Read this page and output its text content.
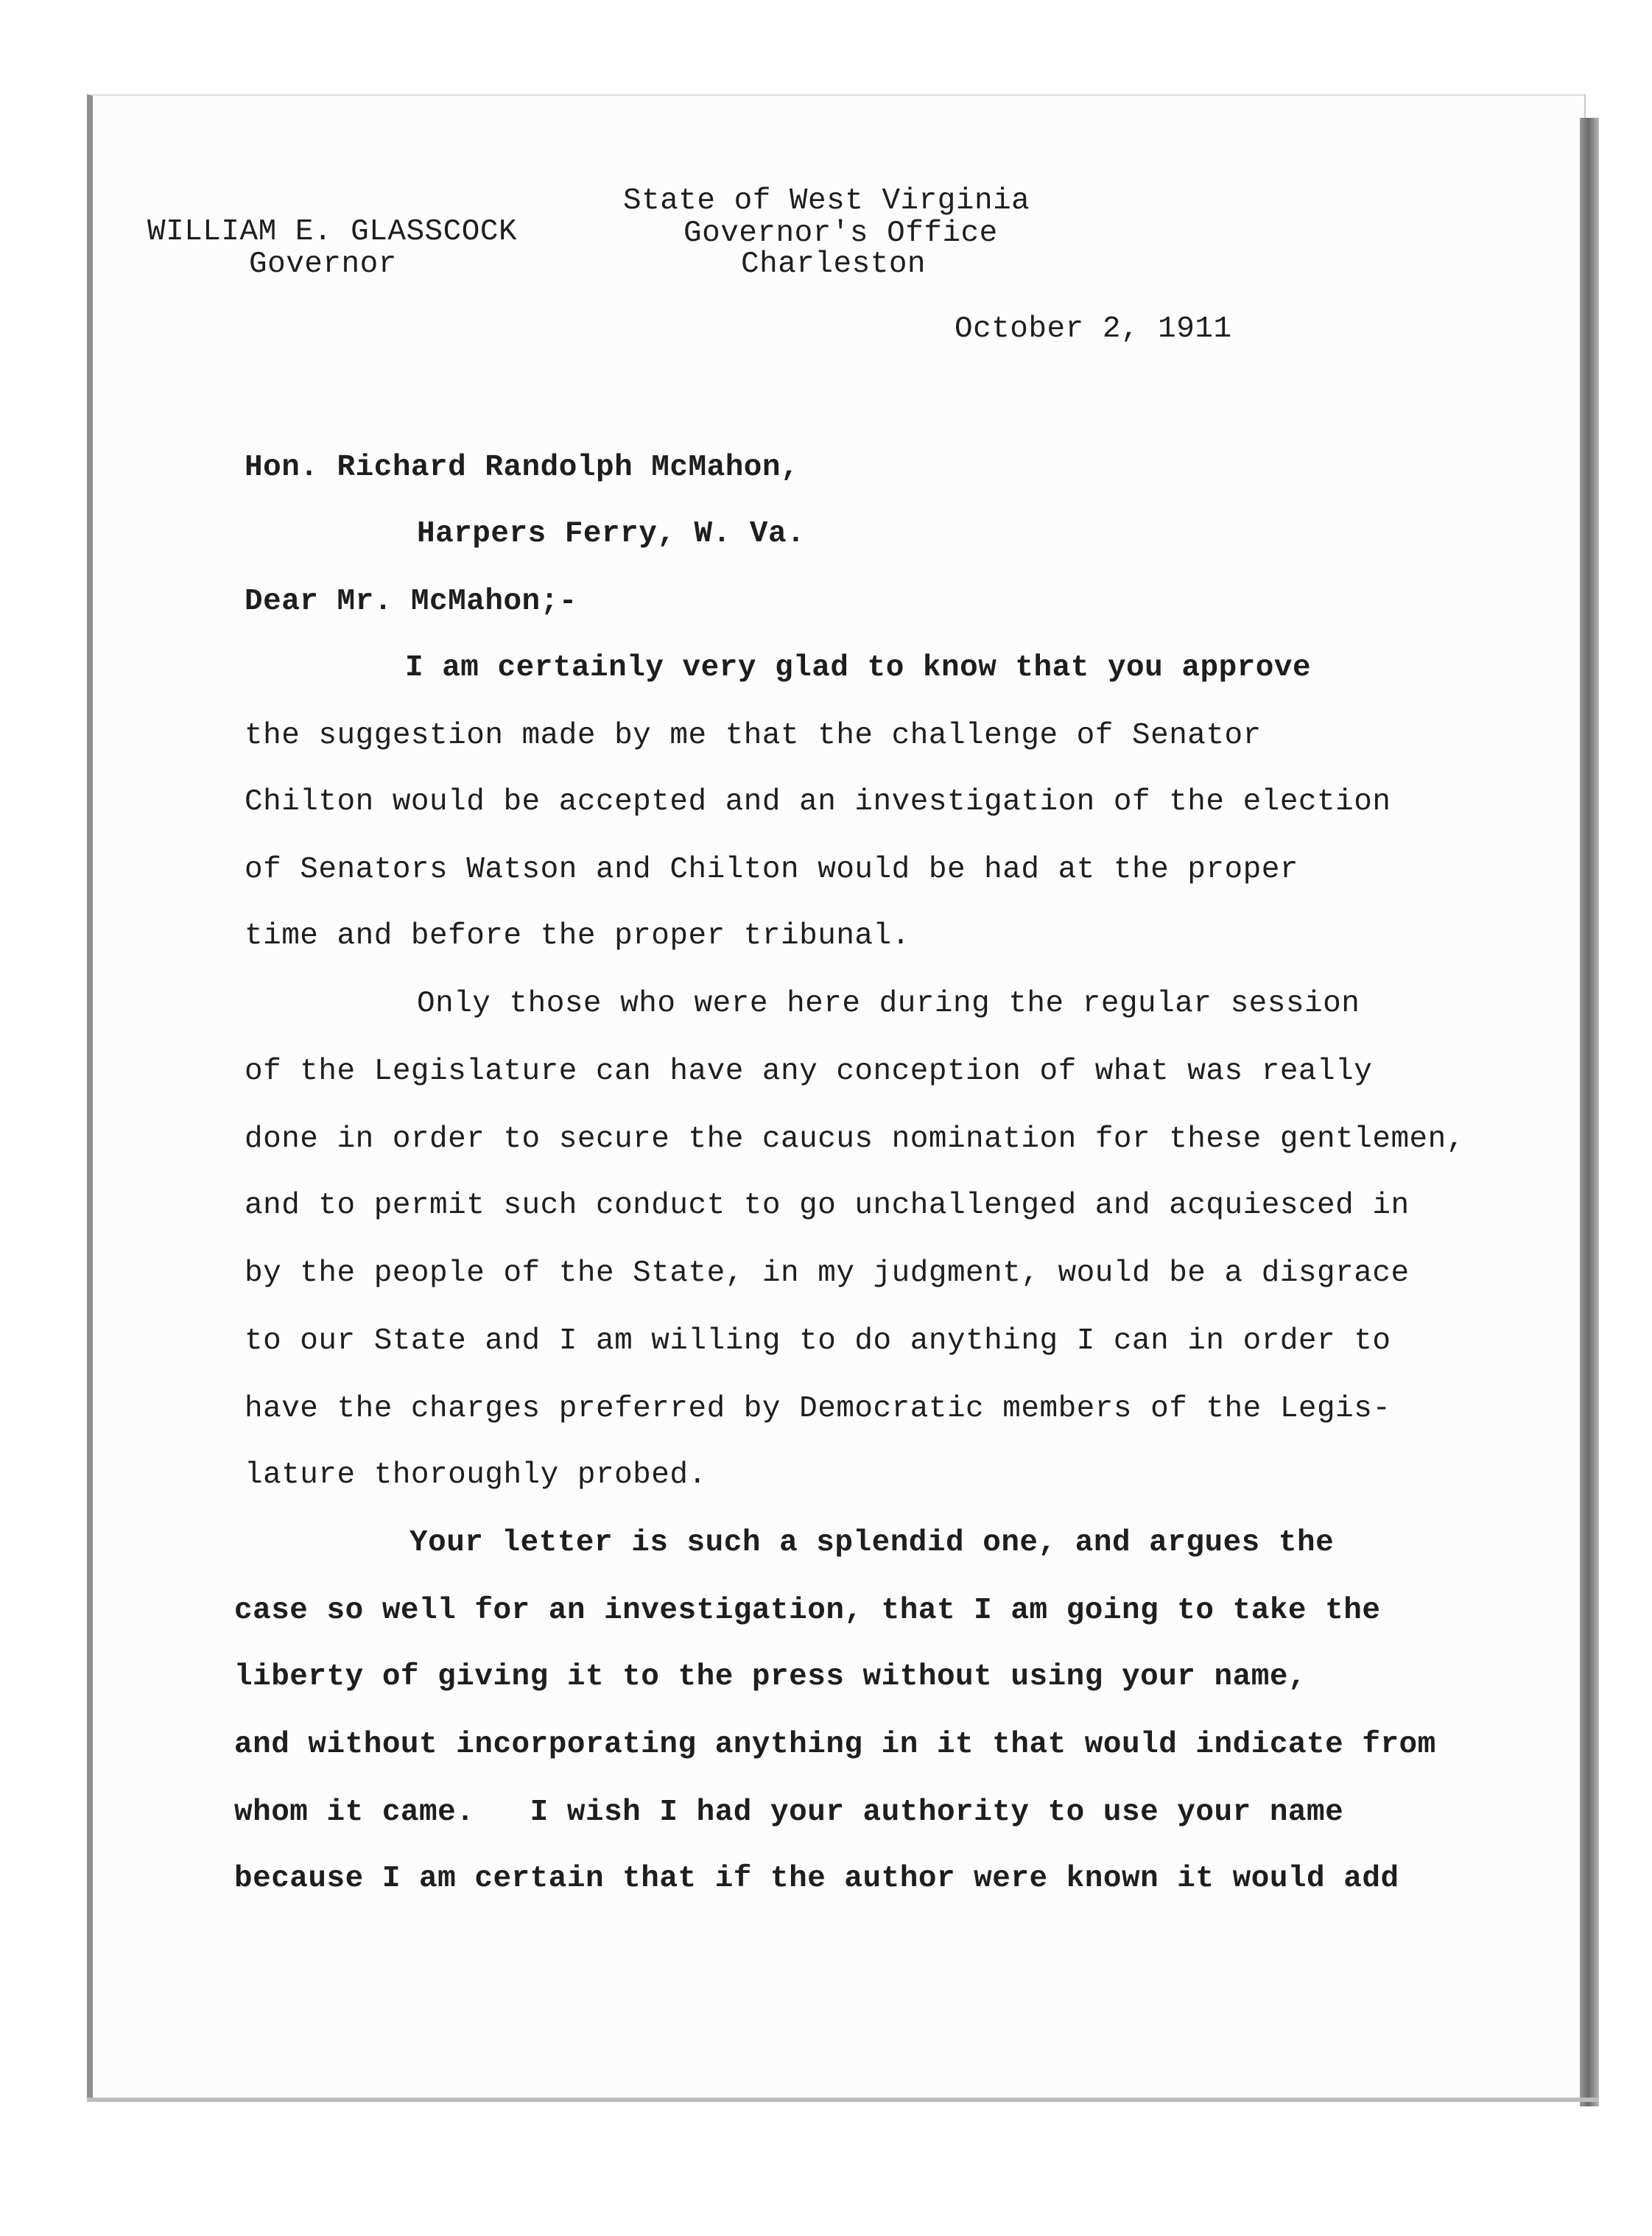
WILLIAM E. GLASSCOCK
Governor
State of West Virginia
Governor's Office
Charleston
October 2, 1911
Hon. Richard Randolph McMahon,
Harpers Ferry, W. Va.
Dear Mr. McMahon;-
I am certainly very glad to know that you approve
the suggestion made by me that the challenge of Senator
Chilton would be accepted and an investigation of the election
of Senators Watson and Chilton would be had at the proper
time and before the proper tribunal.
Only those who were here during the regular session
of the Legislature can have any conception of what was really
done in order to secure the caucus nomination for these gentlemen,
and to permit such conduct to go unchallenged and acquiesced in
by the people of the State, in my judgment, would be a disgrace
to our State and I am willing to do anything I can in order to
have the charges preferred by Democratic members of the Legis-
lature thoroughly probed.
Your letter is such a splendid one, and argues the
case so well for an investigation, that I am going to take the
liberty of giving it to the press without using your name,
and without incorporating anything in it that would indicate from
whom it came.   I wish I had your authority to use your name
because I am certain that if the author were known it would add
